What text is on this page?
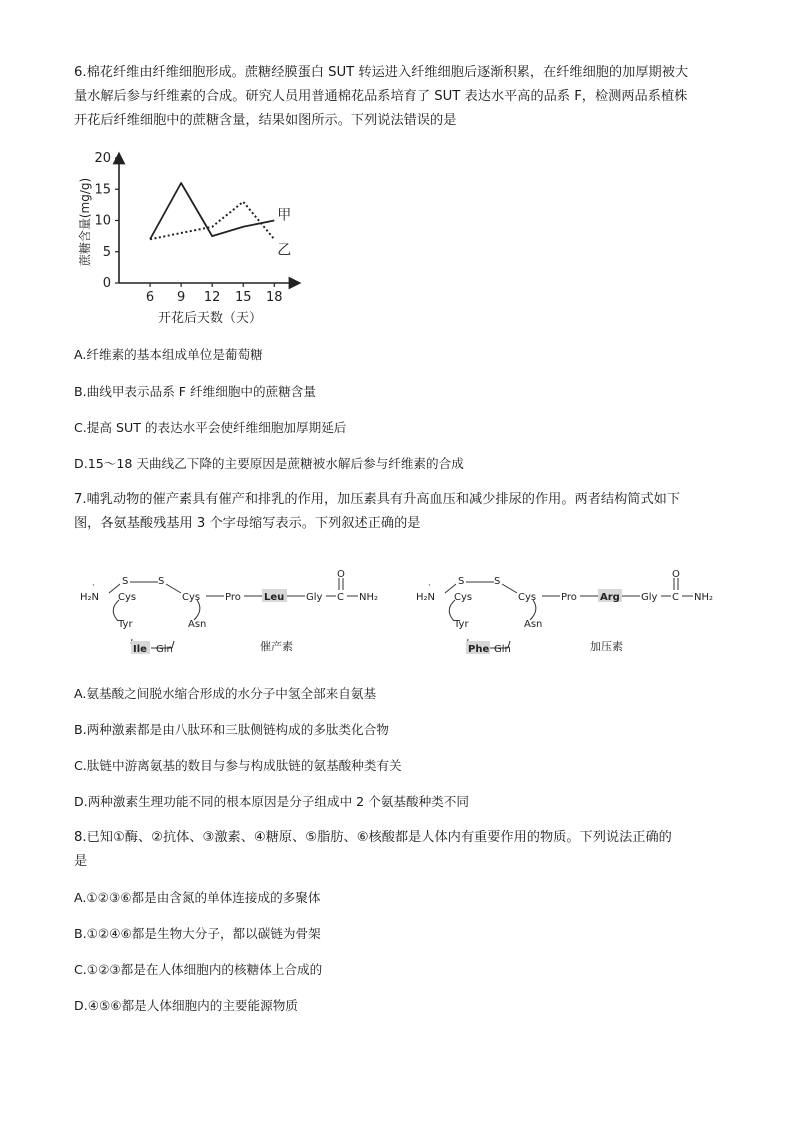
6.棉花纤维由纤维细胞形成。蔗糖经膜蛋白 SUT 转运进入纤维细胞后逐渐积累，在纤维细胞的加厚期被大
量水解后参与纤维素的合成。研究人员用普通棉花品系培育了 SUT 表达水平高的品系 F，检测两品系植株
开花后纤维细胞中的蔗糖含量，结果如图所示。下列说法错误的是
0
5
10
15
20
6 9 12 15 18
甲
乙
蔗糖含量(mg/g)
开花后天数（天）
A.纤维素的基本组成单位是葡萄糖
B.曲线甲表示品系 F 纤维细胞中的蔗糖含量
C.提高 SUT 的表达水平会使纤维细胞加厚期延后
D.15～18 天曲线乙下降的主要原因是蔗糖被水解后参与纤维素的合成
7.哺乳动物的催产素具有催产和排乳的作用，加压素具有升高血压和减少排尿的作用。两者结构简式如下
图，各氨基酸残基用 3 个字母缩写表示。下列叙述正确的是
H₂N
·
Cys
S	S
Cys
Asn
Gln
Ile
Tyr
Pro Leu Gly C NH₂
O
催产素
H₂N
·
Cys
S	S
Cys
Asn
Gln
Phe
Tyr
Pro Arg Gly C NH₂
O
加压素
A.氨基酸之间脱水缩合形成的水分子中氢全部来自氨基
B.两种激素都是由八肽环和三肽侧链构成的多肽类化合物
C.肽链中游离氨基的数目与参与构成肽链的氨基酸种类有关
D.两种激素生理功能不同的根本原因是分子组成中 2 个氨基酸种类不同
8.已知①酶、②抗体、③激素、④糖原、⑤脂肪、⑥核酸都是人体内有重要作用的物质。下列说法正确的
是
A.①②③⑥都是由含氮的单体连接成的多聚体
B.①②④⑥都是生物大分子，都以碳链为骨架
C.①②③都是在人体细胞内的核糖体上合成的
D.④⑤⑥都是人体细胞内的主要能源物质
